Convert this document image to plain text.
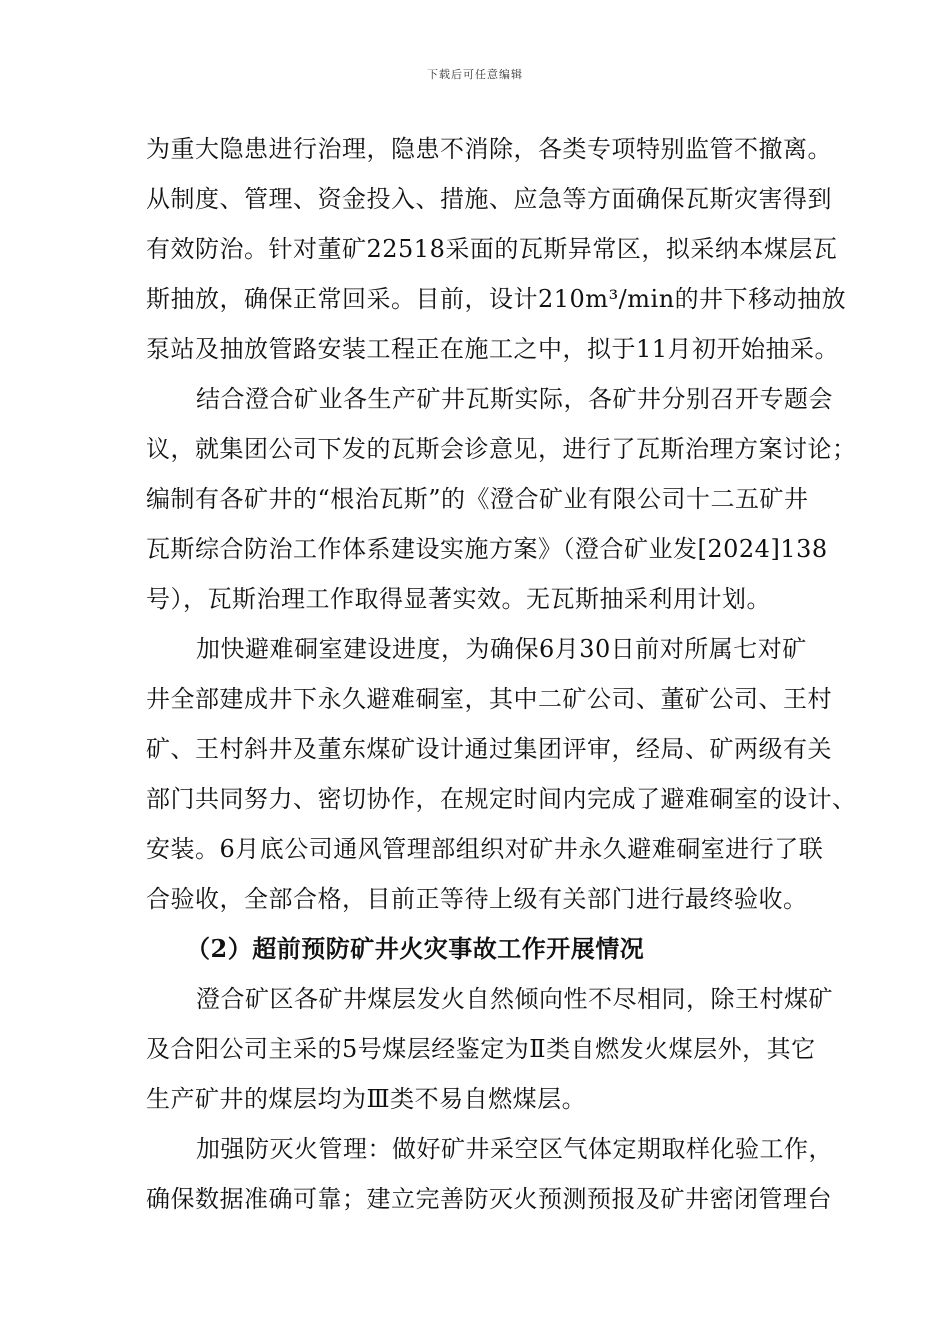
下载后可任意编辑
为重大隐患进行治理，隐患不消除，各类专项特别监管不撤离。
从制度、管理、资金投入、措施、应急等方面确保瓦斯灾害得到
有效防治。针对董矿22518采面的瓦斯异常区，拟采纳本煤层瓦
斯抽放，确保正常回采。目前，设计210m³/min的井下移动抽放
泵站及抽放管路安装工程正在施工之中，拟于11月初开始抽采。
结合澄合矿业各生产矿井瓦斯实际，各矿井分别召开专题会
议，就集团公司下发的瓦斯会诊意见，进行了瓦斯治理方案讨论；
编制有各矿井的“根治瓦斯”的《澄合矿业有限公司十二五矿井
瓦斯综合防治工作体系建设实施方案》（澄合矿业发[2024]138
号），瓦斯治理工作取得显著实效。无瓦斯抽采利用计划。
加快避难硐室建设进度，为确保6月30日前对所属七对矿
井全部建成井下永久避难硐室，其中二矿公司、董矿公司、王村
矿、王村斜井及董东煤矿设计通过集团评审，经局、矿两级有关
部门共同努力、密切协作，在规定时间内完成了避难硐室的设计、
安装。6月底公司通风管理部组织对矿井永久避难硐室进行了联
合验收，全部合格，目前正等待上级有关部门进行最终验收。
（2）超前预防矿井火灾事故工作开展情况
澄合矿区各矿井煤层发火自然倾向性不尽相同，除王村煤矿
及合阳公司主采的5号煤层经鉴定为Ⅱ类自燃发火煤层外，其它
生产矿井的煤层均为Ⅲ类不易自燃煤层。
加强防灭火管理：做好矿井采空区气体定期取样化验工作，
确保数据准确可靠；建立完善防灭火预测预报及矿井密闭管理台
